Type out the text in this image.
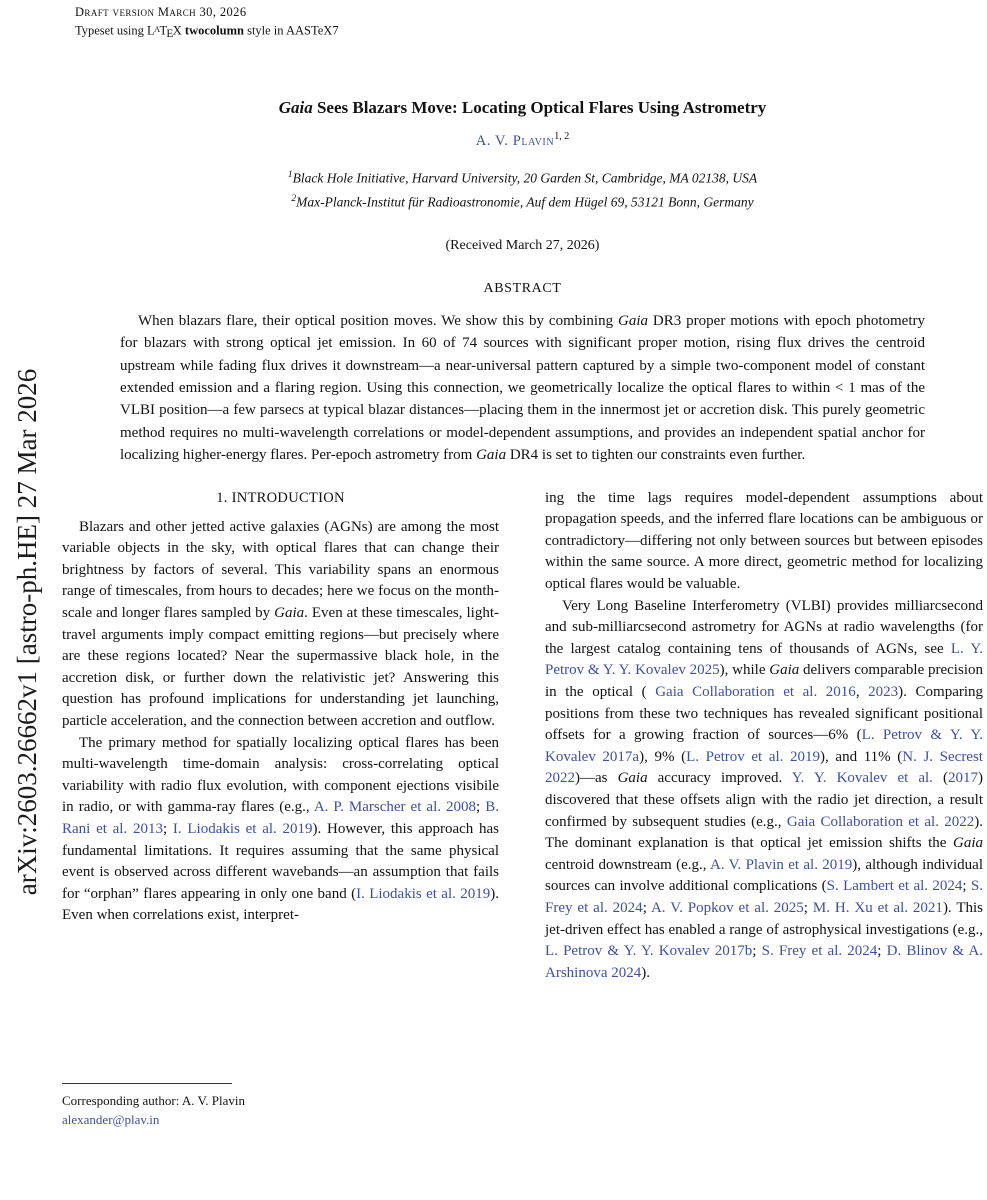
Draft version March 30, 2026
Typeset using LATEX twocolumn style in AASTeX7
arXiv:2603.26662v1 [astro-ph.HE] 27 Mar 2026
Gaia Sees Blazars Move: Locating Optical Flares Using Astrometry
A. V. Plavin$^{1, 2}$
$^1$Black Hole Initiative, Harvard University, 20 Garden St, Cambridge, MA 02138, USA
$^2$Max-Planck-Institut für Radioastronomie, Auf dem Hügel 69, 53121 Bonn, Germany
(Received March 27, 2026)
ABSTRACT

When blazars flare, their optical position moves. We show this by combining Gaia DR3 proper motions with epoch photometry for blazars with strong optical jet emission. In 60 of 74 sources with significant proper motion, rising flux drives the centroid upstream while fading flux drives it downstream—a near-universal pattern captured by a simple two-component model of constant extended emission and a flaring region. Using this connection, we geometrically localize the optical flares to within < 1 mas of the VLBI position—a few parsecs at typical blazar distances—placing them in the innermost jet or accretion disk. This purely geometric method requires no multi-wavelength correlations or model-dependent assumptions, and provides an independent spatial anchor for localizing higher-energy flares. Per-epoch astrometry from Gaia DR4 is set to tighten our constraints even further.

1. INTRODUCTION

Blazars and other jetted active galaxies (AGNs) are among the most variable objects in the sky, with optical flares that can change their brightness by factors of several. This variability spans an enormous range of timescales, from hours to decades; here we focus on the month-scale and longer flares sampled by Gaia. Even at these timescales, light-travel arguments imply compact emitting regions—but precisely where are these regions located? Near the supermassive black hole, in the accretion disk, or further down the relativistic jet? Answering this question has profound implications for understanding jet launching, particle acceleration, and the connection between accretion and outflow.

The primary method for spatially localizing optical flares has been multi-wavelength time-domain analysis: cross-correlating optical variability with radio flux evolution, with component ejections visibile in radio, or with gamma-ray flares (e.g., A. P. Marscher et al. 2008; B. Rani et al. 2013; I. Liodakis et al. 2019). However, this approach has fundamental limitations. It requires assuming that the same physical event is observed across different wavebands—an assumption that fails for “orphan” flares appearing in only one band (I. Liodakis et al. 2019). Even when correlations exist, interpret-

Corresponding author: A. V. Plavin
alexander@plav.in

ing the time lags requires model-dependent assumptions about propagation speeds, and the inferred flare locations can be ambiguous or contradictory—differing not only between sources but between episodes within the same source. A more direct, geometric method for localizing optical flares would be valuable.

Very Long Baseline Interferometry (VLBI) provides milliarcsecond and sub-milliarcsecond astrometry for AGNs at radio wavelengths (for the largest catalog containing tens of thousands of AGNs, see L. Y. Petrov & Y. Y. Kovalev 2025), while Gaia delivers comparable precision in the optical ( Gaia Collaboration et al. 2016, 2023). Comparing positions from these two techniques has revealed significant positional offsets for a growing fraction of sources—6% (L. Petrov & Y. Y. Kovalev 2017a), 9% (L. Petrov et al. 2019), and 11% (N. J. Secrest 2022)—as Gaia accuracy improved. Y. Y. Kovalev et al. (2017) discovered that these offsets align with the radio jet direction, a result confirmed by subsequent studies (e.g., Gaia Collaboration et al. 2022). The dominant explanation is that optical jet emission shifts the Gaia centroid downstream (e.g., A. V. Plavin et al. 2019), although individual sources can involve additional complications (S. Lambert et al. 2024; S. Frey et al. 2024; A. V. Popkov et al. 2025; M. H. Xu et al. 2021). This jet-driven effect has enabled a range of astrophysical investigations (e.g., L. Petrov & Y. Y. Kovalev 2017b; S. Frey et al. 2024; D. Blinov & A. Arshinova 2024).
